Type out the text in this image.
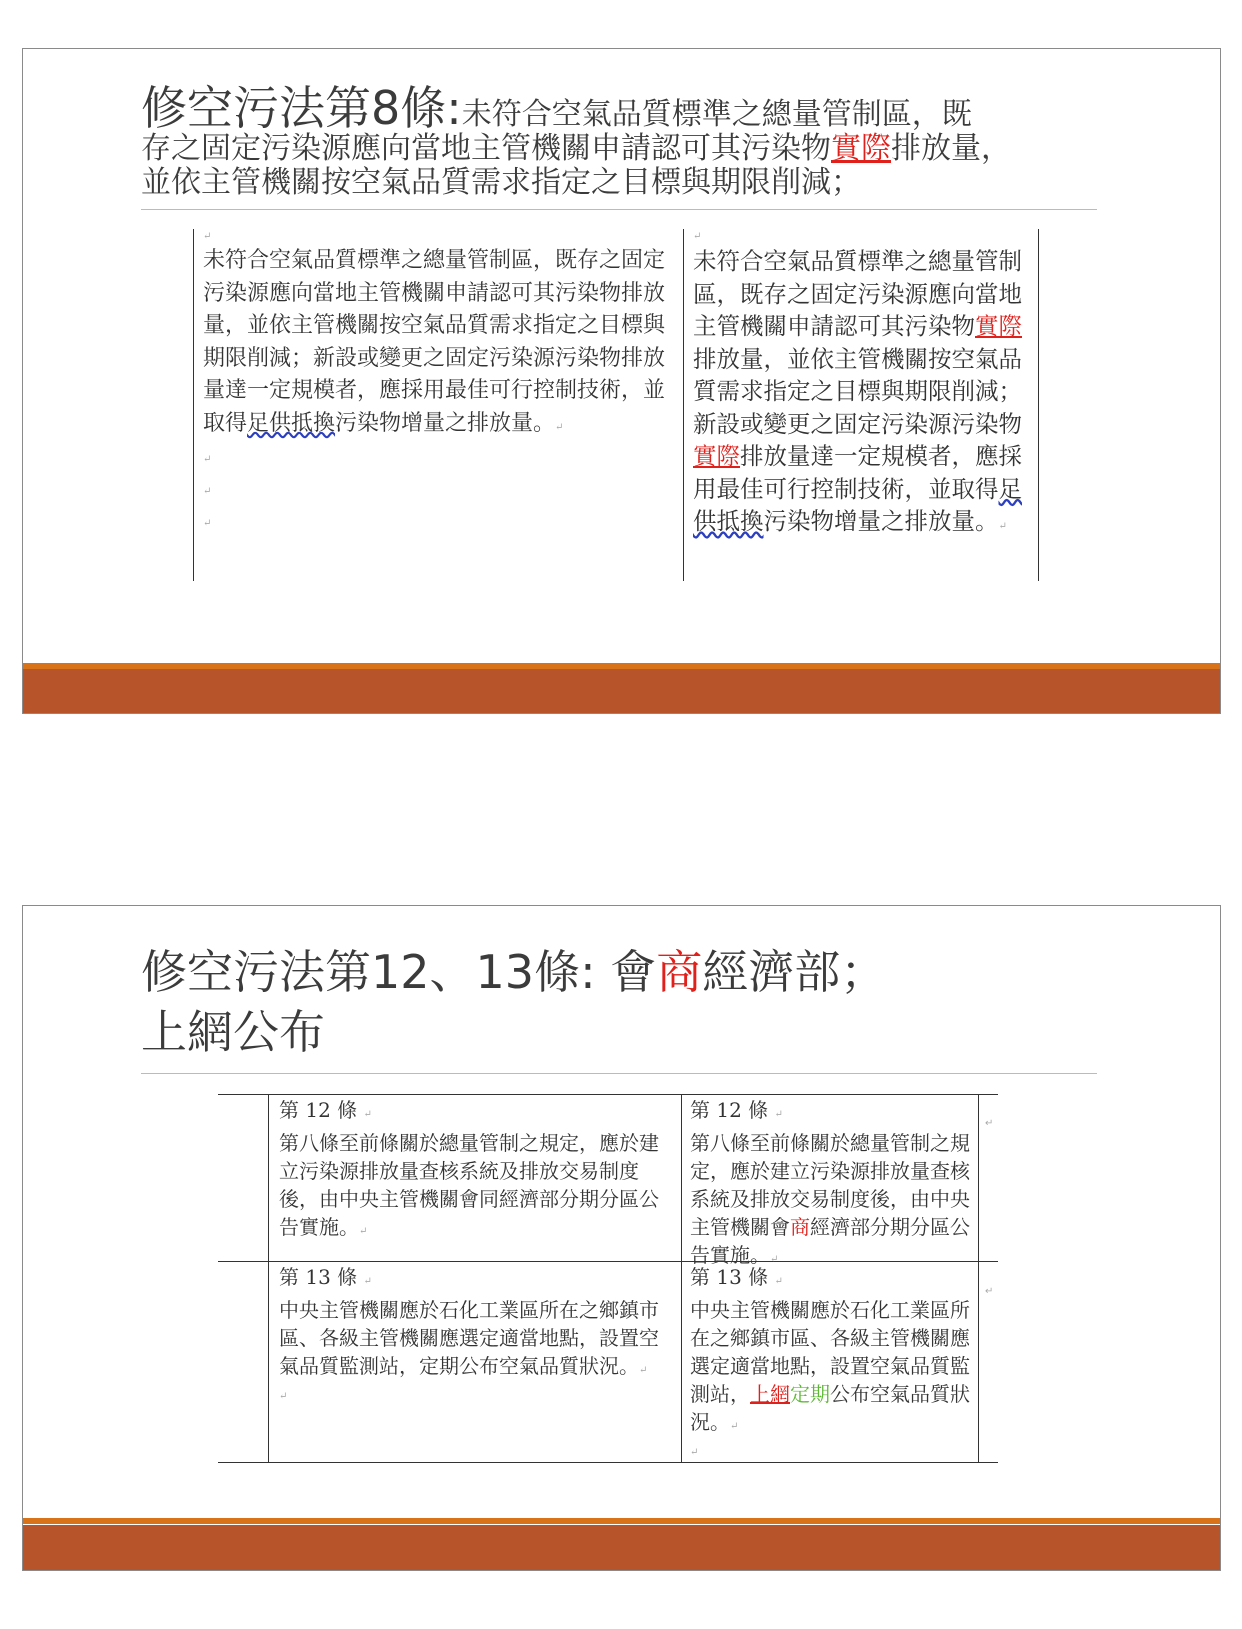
修空污法第8條:未符合空氣品質標準之總量管制區，既
存之固定污染源應向當地主管機關申請認可其污染物實際排放量，
並依主管機關按空氣品質需求指定之目標與期限削減；
↵
未符合空氣品質標準之總量管制區，既存之固定污染源應向當地主管機關申請認可其污染物排放量，並依主管機關按空氣品質需求指定之目標與期限削減；新設或變更之固定污染源污染物排放量達一定規模者，應採用最佳可行控制技術，並取得足供抵換污染物增量之排放量。↵
↵
↵
↵
↵
未符合空氣品質標準之總量管制區，既存之固定污染源應向當地主管機關申請認可其污染物實際排放量，並依主管機關按空氣品質需求指定之目標與期限削減；新設或變更之固定污染源污染物實際排放量達一定規模者，應採用最佳可行控制技術，並取得足供抵換污染物增量之排放量。↵
修空污法第12、13條: 會商經濟部；
上網公布
第 12 條 ↵
第八條至前條關於總量管制之規定，應於建立污染源排放量查核系統及排放交易制度後，由中央主管機關會同經濟部分期分區公告實施。↵
第 12 條 ↵
第八條至前條關於總量管制之規定，應於建立污染源排放量查核系統及排放交易制度後，由中央主管機關會商經濟部分期分區公告實施。↵
↵
第 13 條 ↵
中央主管機關應於石化工業區所在之鄉鎮市區、各級主管機關應選定適當地點，設置空氣品質監測站，定期公布空氣品質狀況。↵
↵
第 13 條 ↵
中央主管機關應於石化工業區所在之鄉鎮市區、各級主管機關應選定適當地點，設置空氣品質監測站，上網定期公布空氣品質狀況。↵
↵
↵
